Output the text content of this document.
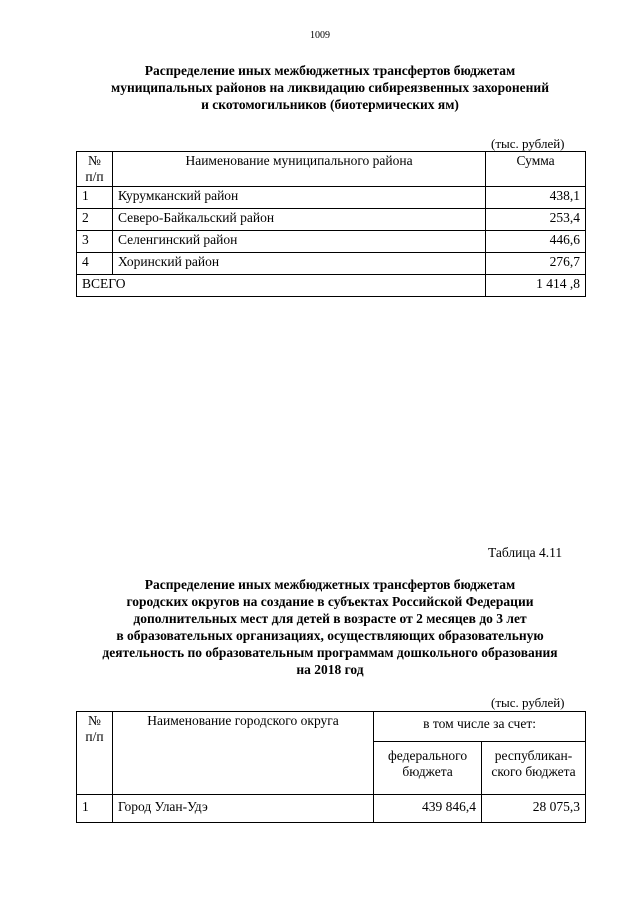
1009
Распределение иных межбюджетных трансфертов бюджетам
муниципальных районов на ликвидацию сибиреязвенных захоронений
и скотомогильников (биотермических ям)
(тыс. рублей)
№ п/п	Наименование муниципального района	Сумма
1	Курумканский район	438,1
2	Северо-Байкальский район	253,4
3	Селенгинский район	446,6
4	Хоринский район	276,7
ВСЕГО		1 414 ,8
Таблица 4.11
Распределение иных межбюджетных трансфертов бюджетам
городских округов на создание в субъектах Российской Федерации
дополнительных мест для детей в возрасте от 2 месяцев до 3 лет
в образовательных организациях, осуществляющих образовательную
деятельность по образовательным программам дошкольного образования
на 2018 год
(тыс. рублей)
№ п/п	Наименование городского округа	в том числе за счет:	
		федерального бюджета	республикан- ского бюджета
1	Город Улан-Удэ	439 846,4	28 075,3
